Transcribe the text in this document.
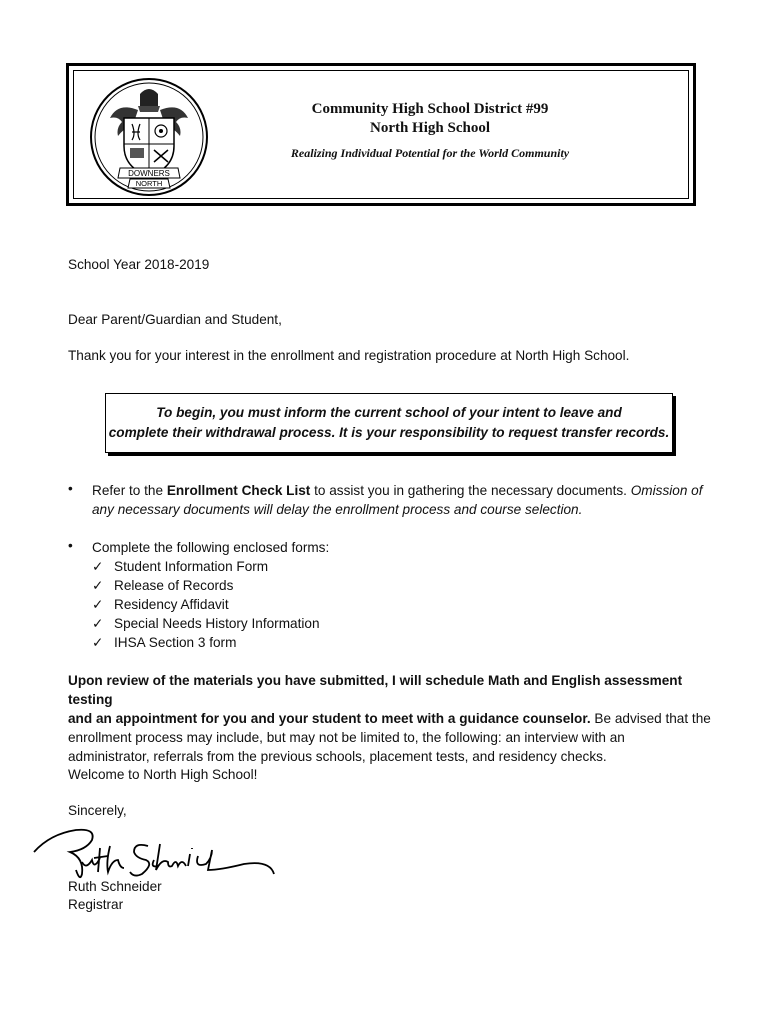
DOWNERS
NORTH
Community High School District #99
North High School
Realizing Individual Potential for the World Community
School Year 2018-2019
Dear Parent/Guardian and Student,
Thank you for your interest in the enrollment and registration procedure at North High School.
To begin, you must inform the current school of your intent to leave and
complete their withdrawal process. It is your responsibility to request transfer records.
• Refer to the Enrollment Check List to assist you in gathering the necessary documents. Omission of
any necessary documents will delay the enrollment process and course selection.
• Complete the following enclosed forms:
✓ Student Information Form
✓ Release of Records
✓ Residency Affidavit
✓ Special Needs History Information
✓ IHSA Section 3 form
Upon review of the materials you have submitted, I will schedule Math and English assessment testing
and an appointment for you and your student to meet with a guidance counselor. Be advised that the
enrollment process may include, but may not be limited to, the following: an interview with an
administrator, referrals from the previous schools, placement tests, and residency checks.
Welcome to North High School!
Sincerely,
Ruth Schneider
Registrar
